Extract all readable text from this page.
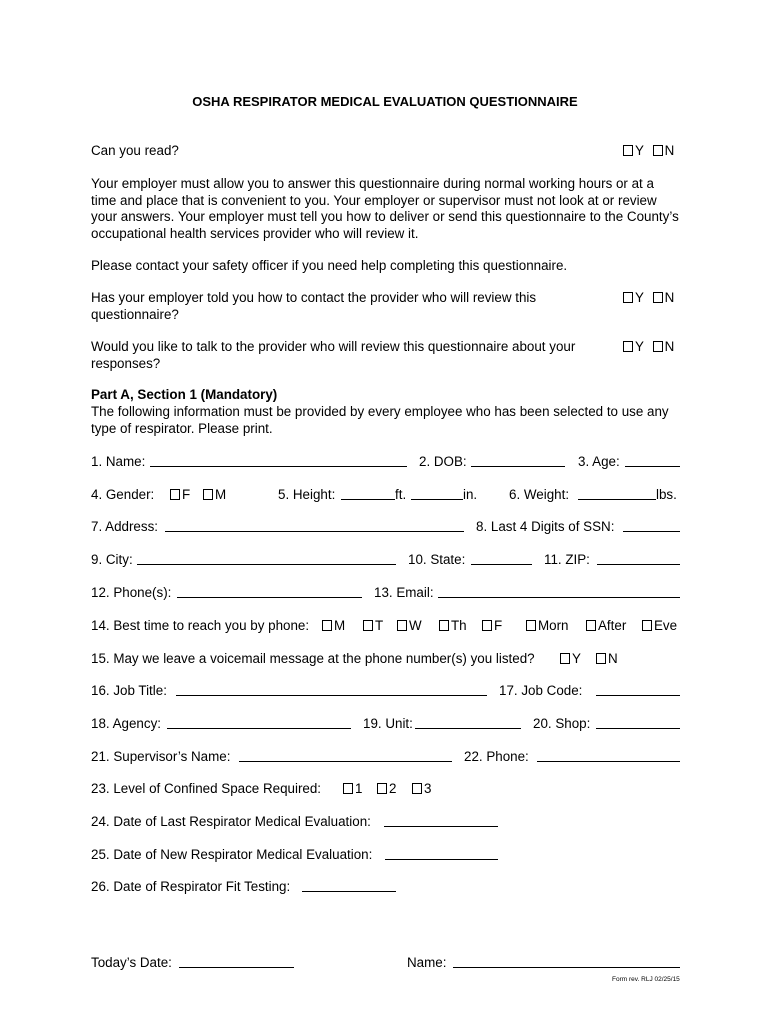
OSHA RESPIRATOR MEDICAL EVALUATION QUESTIONNAIRE
Can you read?	Y N
Your employer must allow you to answer this questionnaire during normal working hours or at a time and place that is convenient to you. Your employer or supervisor must not look at or review your answers. Your employer must tell you how to deliver or send this questionnaire to the County’s occupational health services provider who will review it.
Please contact your safety officer if you need help completing this questionnaire.
Has your employer told you how to contact the provider who will review this questionnaire?
Y N
Would you like to talk to the provider who will review this questionnaire about your responses?
Y N
Part A, Section 1 (Mandatory)
The following information must be provided by every employee who has been selected to use any type of respirator. Please print.
1. Name:	2. DOB:	3. Age:
4. Gender:	F	M	5. Height:	ft.	in. 6. Weight:	lbs.
7. Address:	8. Last 4 Digits of SSN:
9. City:	10. State:	11. ZIP:
12. Phone(s):	13. Email:
14. Best time to reach you by phone:	M	T	W	Th	F	Morn	After	Eve
15. May we leave a voicemail message at the phone number(s) you listed?	Y	N
16. Job Title:	17. Job Code:
18. Agency:	19. Unit:	20. Shop:
21. Supervisor’s Name:	22. Phone:
23. Level of Confined Space Required:	1	2	3
24. Date of Last Respirator Medical Evaluation:
25. Date of New Respirator Medical Evaluation:
26. Date of Respirator Fit Testing:
Today’s Date:	Name:
Form rev. RLJ 02/25/15
